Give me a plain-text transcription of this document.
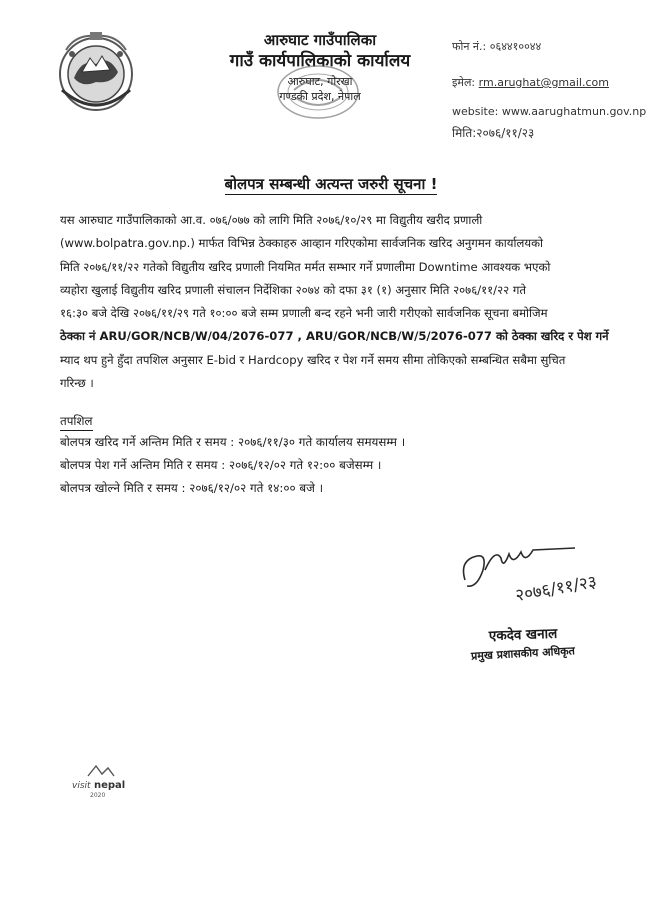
आरुघाट गाउँपालिका
गाउँ कार्यपालिकाको कार्यालय
आरुघाट, गोरखा
गण्डकी प्रदेश, नेपाल
फोन नं.: ०६४४१००४४
इमेल: rm.arughat@gmail.com
website: www.aarughatmun.gov.np
मिति:२०७६/११/२३
बोलपत्र सम्बन्धी अत्यन्त जरुरी सूचना !
यस आरुघाट गाउँपालिकाको आ.व. ०७६/०७७ को लागि मिति २०७६/१०/२९ मा विद्युतीय खरीद प्रणाली
(www.bolpatra.gov.np.) मार्फत विभिन्न ठेक्काहरु आव्हान गरिएकोमा सार्वजनिक खरिद अनुगमन कार्यालयको
मिति २०७६/११/२२ गतेको विद्युतीय खरिद प्रणाली नियमित मर्मत सम्भार गर्ने प्रणालीमा Downtime आवश्यक भएको
व्यहोरा खुलाई विद्युतीय खरिद प्रणाली संचालन निर्देशिका २०७४ को दफा ३१ (१) अनुसार मिति २०७६/११/२२ गते
१६:३० बजे देखि २०७६/११/२९ गते १०:०० बजे सम्म प्रणाली बन्द रहने भनी जारी गरीएको सार्वजनिक सूचना बमोजिम
ठेक्का नं ARU/GOR/NCB/W/04/2076-077 , ARU/GOR/NCB/W/5/2076-077 को ठेक्का खरिद र पेश गर्ने
म्याद थप हुने हुँदा तपशिल अनुसार E-bid र Hardcopy खरिद र पेश गर्ने समय सीमा तोकिएको सम्बन्धित सबैमा सुचित
गरिन्छ ।
तपशिल
बोलपत्र खरिद गर्ने अन्तिम मिति र समय : २०७६/११/३० गते कार्यालय समयसम्म ।
बोलपत्र पेश गर्ने अन्तिम मिति र समय : २०७६/१२/०२ गते १२:०० बजेसम्म ।
बोलपत्र खोल्ने मिति र समय : २०७६/१२/०२ गते १४:०० बजे ।
२०७६/११/२३
एकदेव खनाल
प्रमुख प्रशासकीय अधिकृत
visit nepal
2020
